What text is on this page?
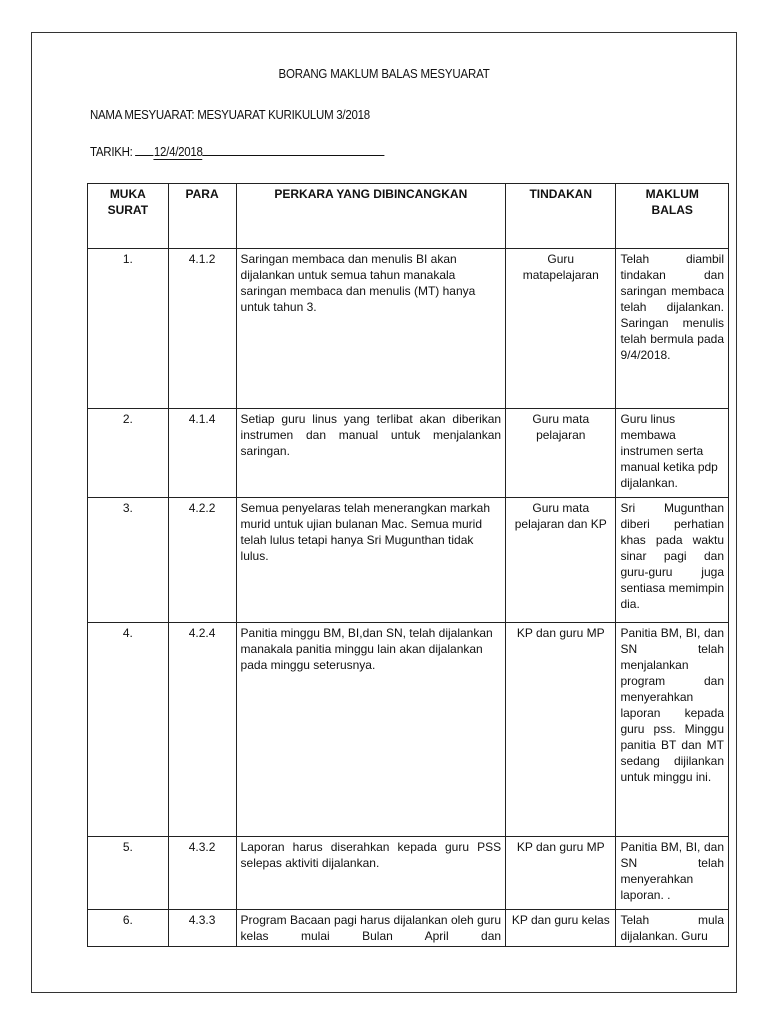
BORANG MAKLUM BALAS MESYUARAT
NAMA MESYUARAT: MESYUARAT KURIKULUM 3/2018
TARIKH: 12/4/2018
MUKA SURAT	PARA	PERKARA YANG DIBINCANGKAN	TINDAKAN	MAKLUM BALAS
1.	4.1.2	Saringan membaca dan menulis BI akan dijalankan untuk semua tahun manakala saringan membaca dan menulis (MT) hanya untuk tahun 3.	Guru matapelajaran	Telah diambil tindakan dan saringan membaca telah dijalankan. Saringan menulis telah bermula pada 9/4/2018.
2.	4.1.4	Setiap guru linus yang terlibat akan diberikan instrumen dan manual untuk menjalankan saringan.	Guru mata pelajaran	Guru linus membawa instrumen serta manual ketika pdp dijalankan.
3.	4.2.2	Semua penyelaras telah menerangkan markah murid untuk ujian bulanan Mac. Semua murid telah lulus tetapi hanya Sri Mugunthan tidak lulus.	Guru mata pelajaran dan KP	Sri Mugunthan diberi perhatian khas pada waktu sinar pagi dan guru-guru juga sentiasa memimpin dia.
4.	4.2.4	Panitia minggu BM, BI,dan SN, telah dijalankan manakala panitia minggu lain akan dijalankan pada minggu seterusnya.	KP dan guru MP	Panitia BM, BI, dan SN telah menjalankan program dan menyerahkan laporan kepada guru pss. Minggu panitia BT dan MT sedang dijilankan untuk minggu ini.
5.	4.3.2	Laporan harus diserahkan kepada guru PSS selepas aktiviti dijalankan.	KP dan guru MP	Panitia BM, BI, dan SN telah menyerahkan laporan. .
6.	4.3.3	Program Bacaan pagi harus dijalankan oleh guru kelas mulai Bulan April dan	KP dan guru kelas	Telah mula dijalankan. Guru
